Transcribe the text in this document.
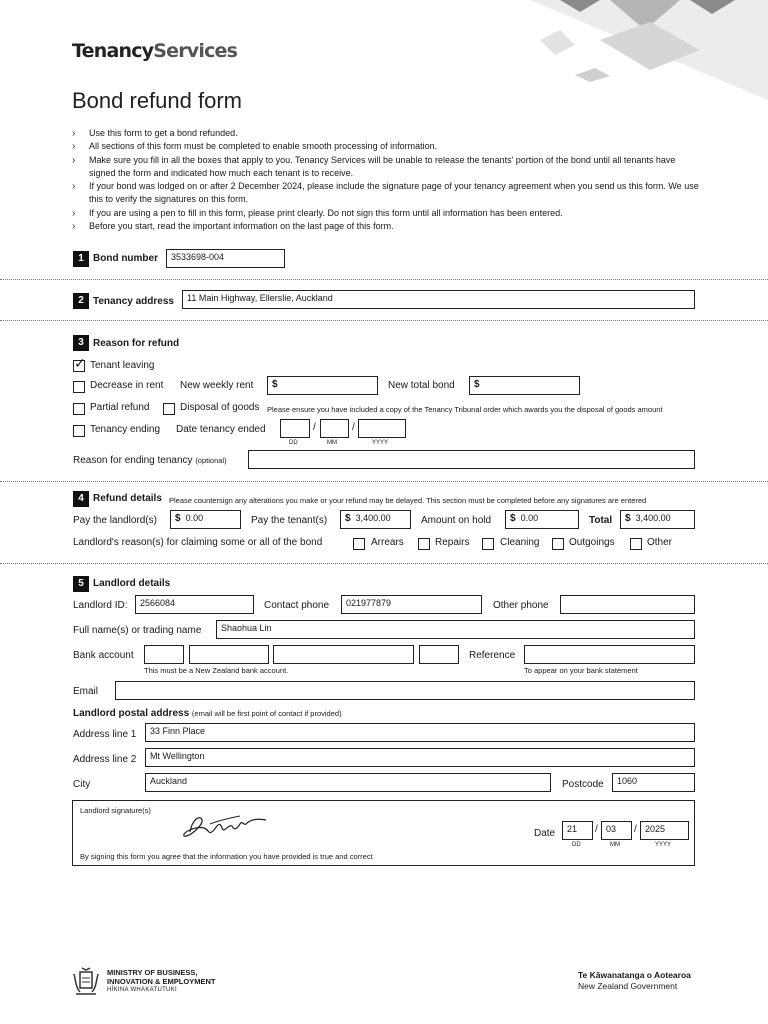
TenancyServices
Bond refund form
› Use this form to get a bond refunded.
› All sections of this form must be completed to enable smooth processing of information.
› Make sure you fill in all the boxes that apply to you. Tenancy Services will be unable to release the tenants' portion of the bond until all tenants have signed the form and indicated how much each tenant is to receive.
› If your bond was lodged on or after 2 December 2024, please include the signature page of your tenancy agreement when you send us this form. We use this to verify the signatures on this form.
› If you are using a pen to fill in this form, please print clearly. Do not sign this form until all information has been entered.
› Before you start, read the important information on the last page of this form.
1 Bond number	3533698-004
2 Tenancy address	11 Main Highway, Ellerslie, Auckland
3 Reason for refund
✓ Tenant leaving
Decrease in rent New weekly rent	$	New total bond	$
Partial refund	Disposal of goods Please ensure you have included a copy of the Tenancy Tribunal order which awards you the disposal of goods amount
Tenancy ending Date tenancy ended	/	/
DD	MM	YYYY
Reason for ending tenancy (optional)
4 Refund details Please countersign any alterations you make or your refund may be delayed. This section must be completed before any signatures are entered
Pay the landlord(s)	$ 0.00	Pay the tenant(s)	$ 3,400.00	Amount on hold	$ 0.00	Total	$ 3,400.00
Landlord's reason(s) for claiming some or all of the bond	Arrears	Repairs	Cleaning	Outgoings	Other
5 Landlord details
Landlord ID:	2566084	Contact phone	021977879	Other phone
Full name(s) or trading name	Shaohua Lin
Bank account
This must be a New Zealand bank account.
Reference
To appear on your bank statement
Email
Landlord postal address (email will be first point of contact if provided)
Address line 1	33 Finn Place
Address line 2	Mt Wellington
City	Auckland	Postcode	1060
Landlord signature(s)
Date	21	/ 03	/ 2025
DD	MM	YYYY
By signing this form you agree that the information you have provided is true and correct
MINISTRY OF BUSINESS,
INNOVATION & EMPLOYMENT
HĪKINA WHAKATUTUKI
Te Kāwanatanga o Aotearoa
New Zealand Government
